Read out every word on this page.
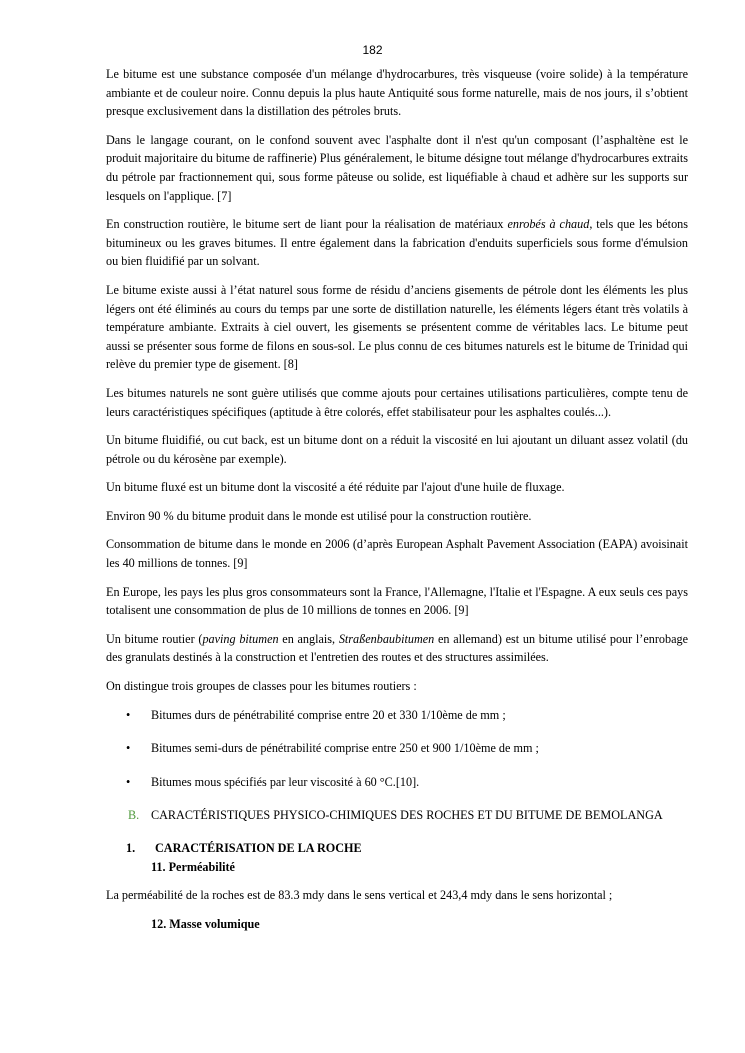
182

Le bitume est une substance composée d'un mélange d'hydrocarbures, très visqueuse (voire solide) à la température ambiante et de couleur noire. Connu depuis la plus haute Antiquité sous forme naturelle, mais de nos jours, il s’obtient presque exclusivement dans la distillation des pétroles bruts.

Dans le langage courant, on le confond souvent avec l'asphalte dont il n'est qu'un composant (l’asphaltène est le produit majoritaire du bitume de raffinerie) Plus généralement, le bitume désigne tout mélange d'hydrocarbures extraits du pétrole par fractionnement qui, sous forme pâteuse ou solide, est liquéfiable à chaud et adhère sur les supports sur lesquels on l'applique. [7]

En construction routière, le bitume sert de liant pour la réalisation de matériaux enrobés à chaud, tels que les bétons bitumineux ou les graves bitumes. Il entre également dans la fabrication d'enduits superficiels sous forme d'émulsion ou bien fluidifié par un solvant.

Le bitume existe aussi à l’état naturel sous forme de résidu d’anciens gisements de pétrole dont les éléments les plus légers ont été éliminés au cours du temps par une sorte de distillation naturelle, les éléments légers étant très volatils à température ambiante. Extraits à ciel ouvert, les gisements se présentent comme de véritables lacs. Le bitume peut aussi se présenter sous forme de filons en sous-sol. Le plus connu de ces bitumes naturels est le bitume de Trinidad qui relève du premier type de gisement. [8]

Les bitumes naturels ne sont guère utilisés que comme ajouts pour certaines utilisations particulières, compte tenu de leurs caractéristiques spécifiques (aptitude à être colorés, effet stabilisateur pour les asphaltes coulés...).

Un bitume fluidifié, ou cut back, est un bitume dont on a réduit la viscosité en lui ajoutant un diluant assez volatil (du pétrole ou du kérosène par exemple).

Un bitume fluxé est un bitume dont la viscosité a été réduite par l'ajout d'une huile de fluxage.

Environ 90 % du bitume produit dans le monde est utilisé pour la construction routière.

Consommation de bitume dans le monde en 2006 (d’après European Asphalt Pavement Association (EAPA) avoisinait les 40 millions de tonnes. [9]

En Europe, les pays les plus gros consommateurs sont la France, l'Allemagne, l'Italie et l'Espagne. A eux seuls ces pays totalisent une consommation de plus de 10 millions de tonnes en 2006. [9]

Un bitume routier (paving bitumen en anglais, Straßenbaubitumen en allemand) est un bitume utilisé pour l’enrobage des granulats destinés à la construction et l'entretien des routes et des structures assimilées.

On distingue trois groupes de classes pour les bitumes routiers :

• Bitumes durs de pénétrabilité comprise entre 20 et 330 1/10ème de mm ;
• Bitumes semi-durs de pénétrabilité comprise entre 250 et 900 1/10ème de mm ;
• Bitumes mous spécifiés par leur viscosité à 60 °C.[10].
B. CARACTÉRISTIQUES PHYSICO-CHIMIQUES DES ROCHES ET DU BITUME DE BEMOLANGA
1. CARACTÉRISATION DE LA ROCHE
11. Perméabilité

La perméabilité de la roches est de 83.3 mdy dans le sens vertical et 243,4 mdy dans le sens horizontal ;

12. Masse volumique
